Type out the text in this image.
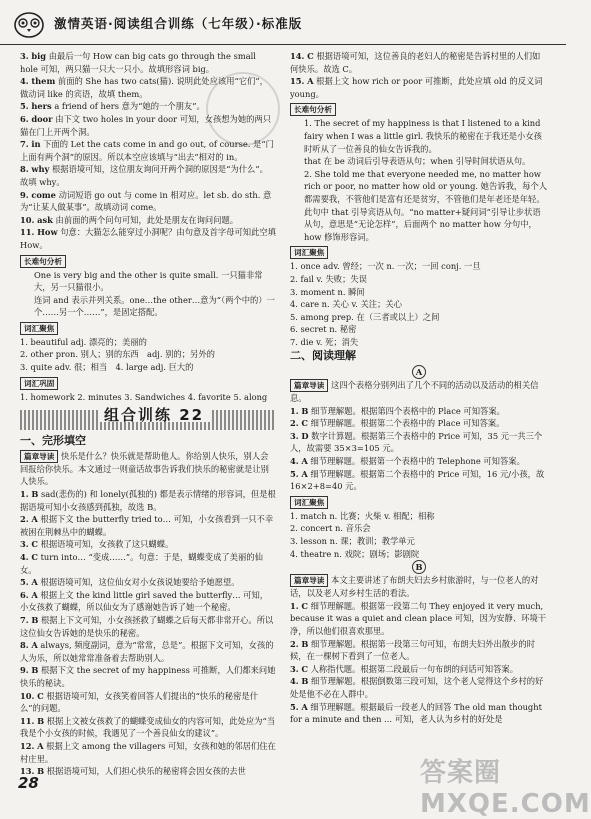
激情英语·阅读组合训练（七年级）·标准版

3. big 由最后一句 How can big cats go through the small hole 可知，两只猫一只大一只小。故填形容词 big。

4. them 前面的 She has two cats(猫). 说明此处应该用“它们”，做动词 like 的宾语，故填 them。

5. hers a friend of hers 意为“她的一个朋友”。

6. door 由下文 two holes in your door 可知，女孩想为她的两只猫在门上开两个洞。

7. in 下面的 Let the cats come in and go out, of course. 是“门上面有两个洞”的原因。所以本空应该填与“出去”相对的 in。

8. why 根据语境可知，这位朋友询问开两个洞的原因是“为什么”。故填 why。

9. come 动词短语 go out 与 come in 相对应。let sb. do sth. 意为“让某人做某事”。故填动词 come。

10. ask 由前面的两个问句可知，此处是朋友在询问问题。

11. How 句意：大猫怎么能穿过小洞呢？由句意及首字母可知此空填 How。

长难句分析

One is very big and the other is quite small. 一只猫非常大，另一只猫很小。

连词 and 表示并列关系。one…the other…意为“（两个中的）一个……另一个……”，是固定搭配。

词汇聚焦

1. beautiful adj. 漂亮的；美丽的

2. other pron. 别人；别的东西　 adj. 别的；另外的

3. quite adv. 很；相当　 4. large adj. 巨大的

词汇巩固

1. homework 2. minutes 3. Sandwiches 4. favorite 5. along

组合训练 22
一、完形填空

篇章导读 快乐是什么？快乐就是帮助他人。你给别人快乐，别人会回报给你快乐。本文通过一则童话故事告诉我们快乐的秘密就是让别人快乐。

1. B sad(悲伤的) 和 lonely(孤独的) 都是表示情绪的形容词，但是根据语境可知小女孩感到孤独，故选 B。

2. A 根据下文 the butterfly tried to… 可知，小女孩看到一只不幸被困在荆棘丛中的蝴蝶。

3. C 根据语境可知，女孩救了这只蝴蝶。

4. C turn into… “变成……”。句意：于是，蝴蝶变成了美丽的仙女。

5. A 根据语境可知，这位仙女对小女孩说她要给予她愿望。

6. A 根据上文 the kind little girl saved the butterfly… 可知，小女孩救了蝴蝶，所以仙女为了感谢她告诉了她一个秘密。

7. B 根据上下文可知，小女孩拯救了蝴蝶之后每天都非常开心。所以这位仙女告诉她的是快乐的秘密。

8. A always, 频度副词，意为“常常，总是”。根据下文可知，女孩的人为乐，所以她常常准备着去帮助别人。

9. B 根据下文 the secret of my happiness 可推断，人们都来问她快乐的秘诀。

10. C 根据语境可知，女孩笑着回答人们提出的“快乐的秘密是什么”的问题。

11. B 根据上文被女孩救了的蝴蝶变成仙女的内容可知，此处应为“当我是个小女孩的时候，我遇见了一个善良仙女的建议”。

12. A 根据上文 among the villagers 可知，女孩和她的邻居们住在村庄里。

13. B 根据语境可知，人们担心快乐的秘密将会因女孩的去世

14. C 根据语境可知，这位善良的老妇人的秘密是告诉村里的人们如何快乐。故选 C。

15. A 根据上文 how rich or poor 可推断，此处应填 old 的反义词 young。

长难句分析

1. The secret of my happiness is that I listened to a kind fairy when I was a little girl. 我快乐的秘密在于我还是小女孩时听从了一位善良的仙女告诉我的。

that 在 be 动词后引导表语从句；when 引导时间状语从句。

2. She told me that everyone needed me, no matter how rich or poor, no matter how old or young. 她告诉我，每个人都需要我，不管他们是富有还是贫穷，不管他们是年老还是年轻。

此句中 that 引导宾语从句。“no matter+疑问词”引导让步状语从句，意思是“无论怎样”，后面两个 no matter how 分句中，how 修饰形容词。

词汇聚焦

1. once adv. 曾经；一次 n. 一次；一回 conj. 一旦

2. fail v. 失败；失误

3. moment n. 瞬间

4. care n. 关心 v. 关注；关心

5. among prep. 在（三者或以上）之间

6. secret n. 秘密

7. die v. 死；消失

二、阅读理解

A

篇章导读 这四个表格分别列出了几个不同的活动以及活动的相关信息。

1. B 细节理解题。根据第四个表格中的 Place 可知答案。

2. C 细节理解题。根据第二个表格中的 Place 可知答案。

3. D 数字计算题。根据第三个表格中的 Price 可知，35 元一共三个人，故需要 35×3=105 元。

4. A 细节理解题。根据第一个表格中的 Telephone 可知答案。

5. A 细节理解题。根据第二个表格中的 Price 可知，16 元/小孩，故 16×2+8=40 元。

词汇聚焦

1. match n. 比赛；火柴 v. 相配；相称

2. concert n. 音乐会

3. lesson n. 课；教训；教学单元

4. theatre n. 戏院；剧场；影剧院

B

篇章导读 本文主要讲述了布朗夫妇去乡村旅游时，与一位老人的对话，以及老人对乡村生活的看法。

1. C 细节理解题。根据第一段第二句 They enjoyed it very much, because it was a quiet and clean place 可知，因为安静、环境干净，所以他们很喜欢那里。

2. B 细节理解题。根据第一段第三句可知，布朗夫妇外出散步的时候，在一棵树下看到了一位老人。

3. C 人称指代题。根据第二段最后一句布朗的问话可知答案。

4. B 细节理解题。根据倒数第三段可知，这个老人觉得这个乡村的好处是他不必在人群中。

5. A 细节理解题。根据最后一段老人的回答 The old man thought for a minute and then ... 可知，老人认为乡村的好处是

28	答案圈 MXQE.COM
